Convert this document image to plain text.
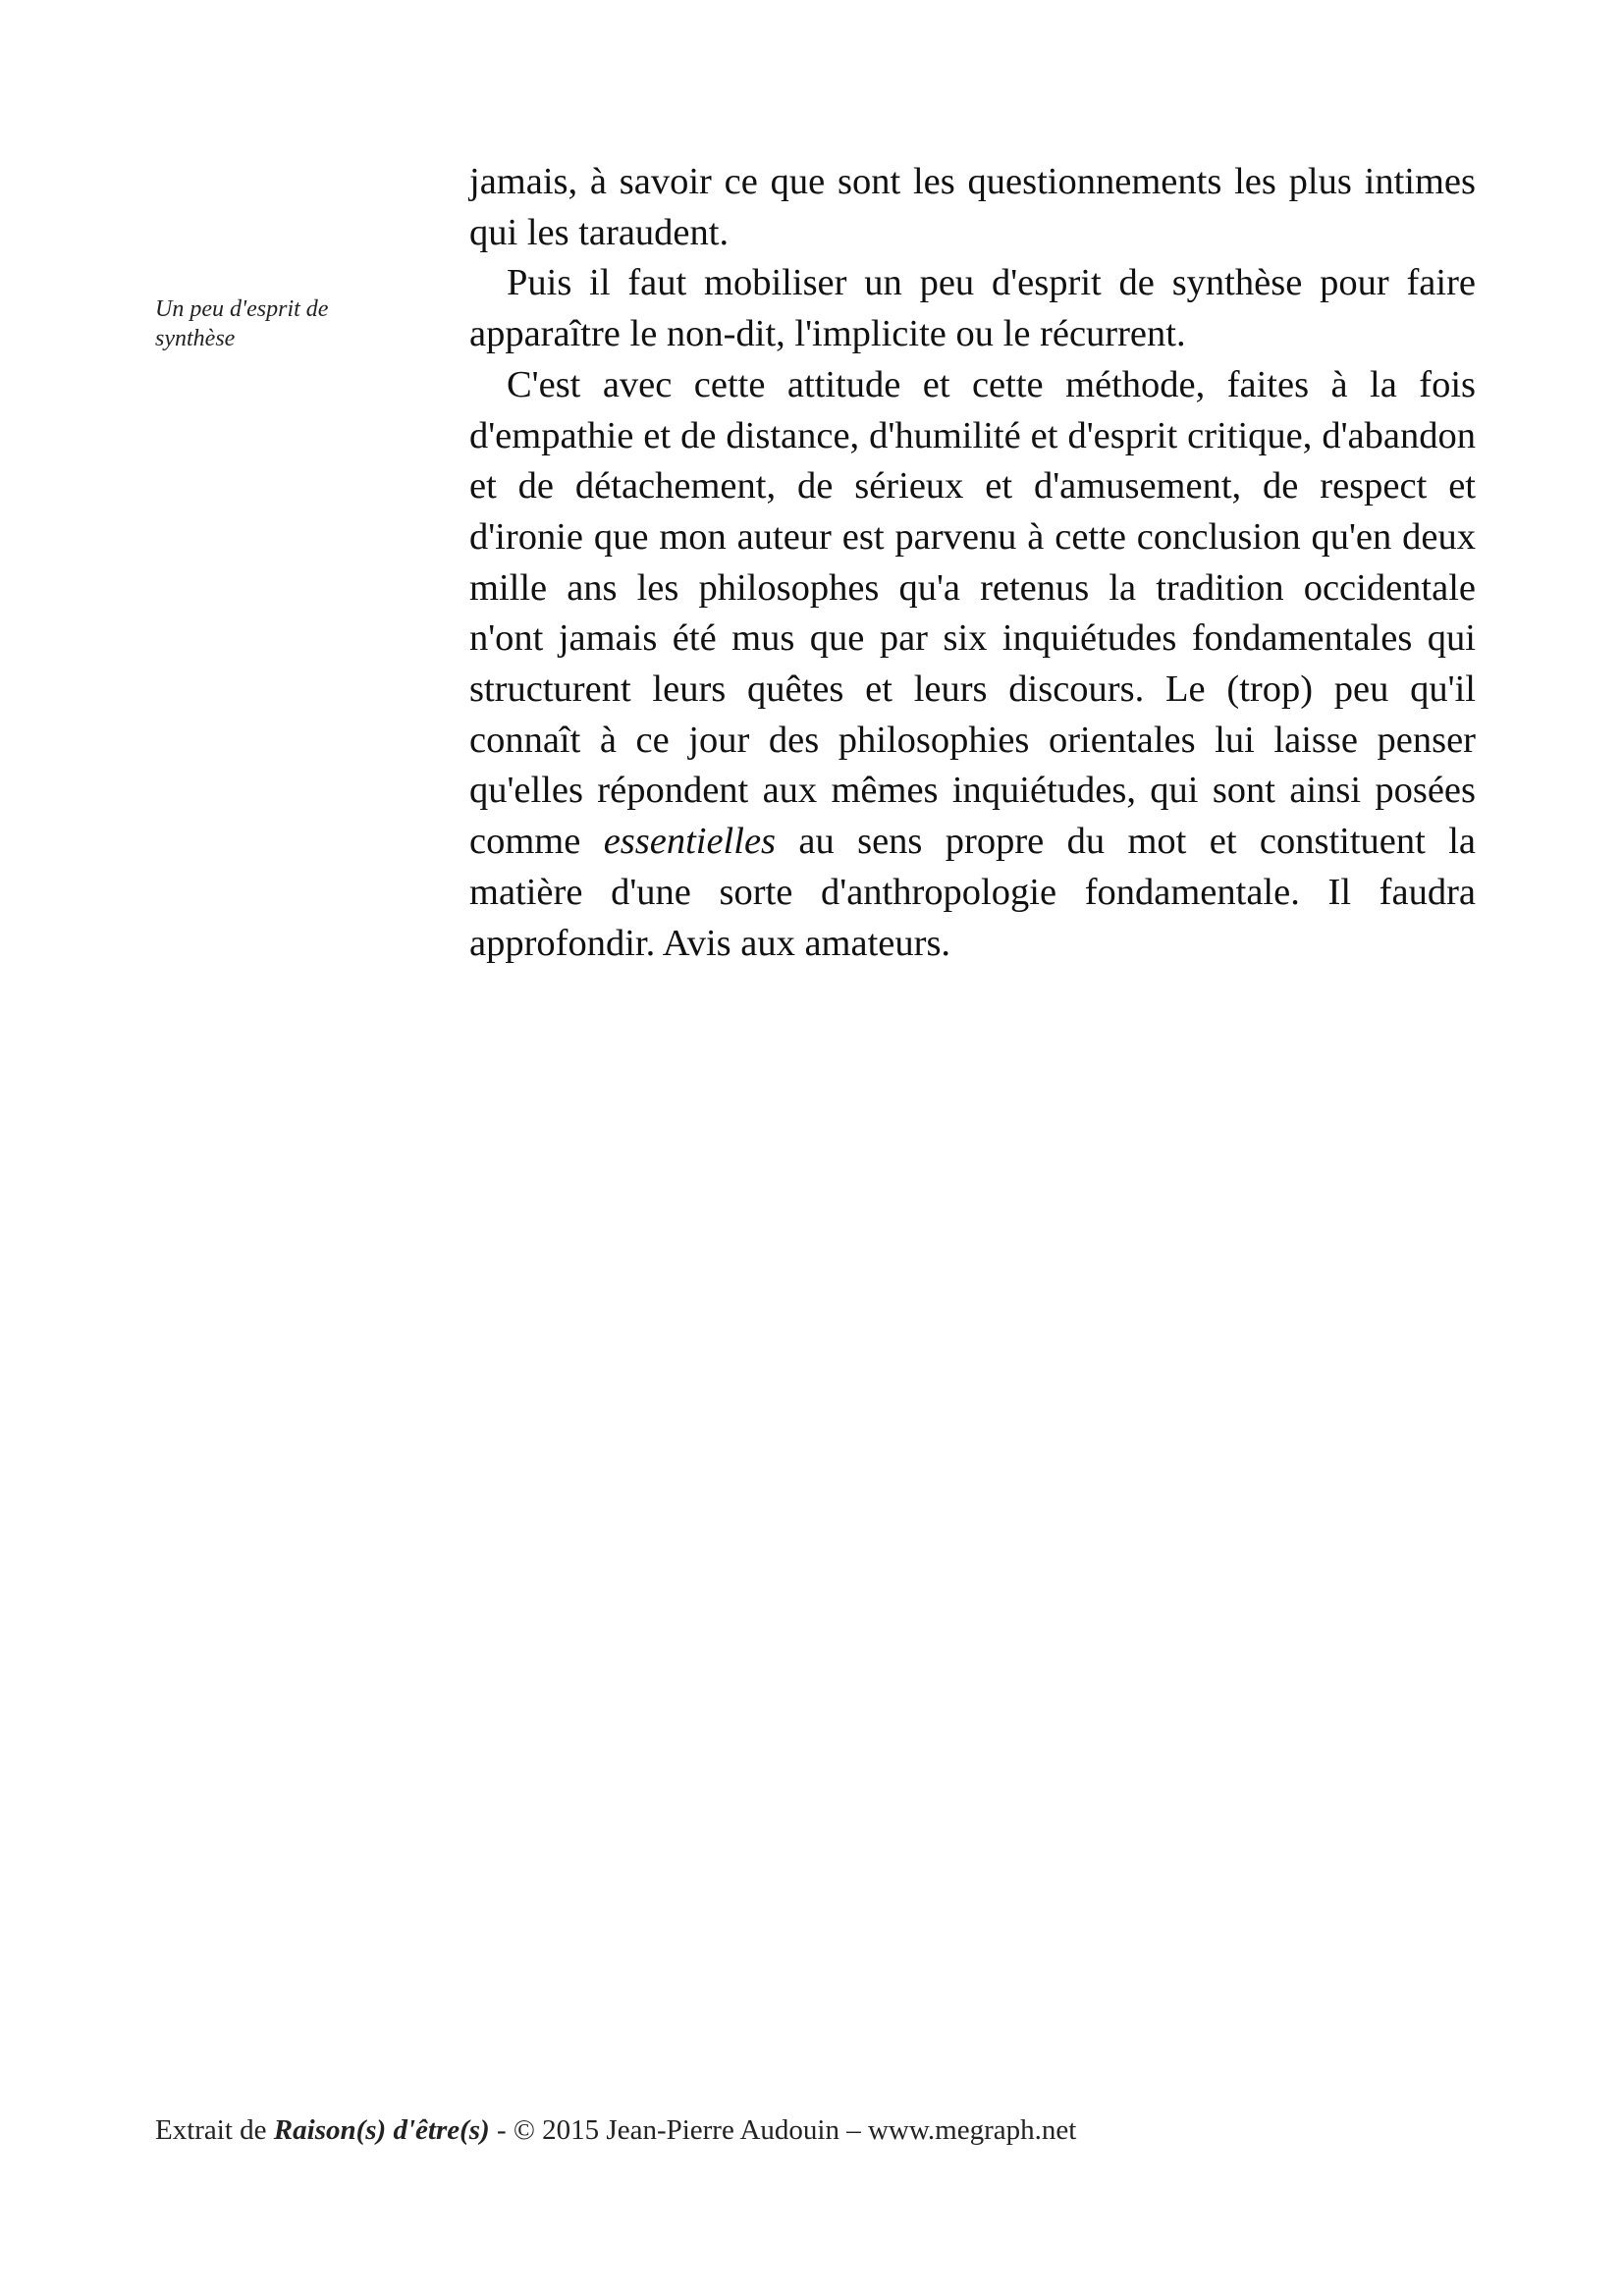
Un peu d'esprit de synthèse

jamais, à savoir ce que sont les questionnements les plus intimes qui les taraudent.

Puis il faut mobiliser un peu d'esprit de synthèse pour faire apparaître le non-dit, l'implicite ou le récurrent.

C'est avec cette attitude et cette méthode, faites à la fois d'empathie et de distance, d'humilité et d'esprit critique, d'abandon et de détachement, de sérieux et d'amusement, de respect et d'ironie que mon auteur est parvenu à cette conclusion qu'en deux mille ans les philosophes qu'a retenus la tradition occidentale n'ont jamais été mus que par six inquiétudes fondamentales qui structurent leurs quêtes et leurs discours. Le (trop) peu qu'il connaît à ce jour des philosophies orientales lui laisse penser qu'elles répondent aux mêmes inquiétudes, qui sont ainsi posées comme essentielles au sens propre du mot et constituent la matière d'une sorte d'anthropologie fondamentale. Il faudra approfondir. Avis aux amateurs.

Extrait de Raison(s) d'être(s) - © 2015 Jean-Pierre Audouin – www.megraph.net
